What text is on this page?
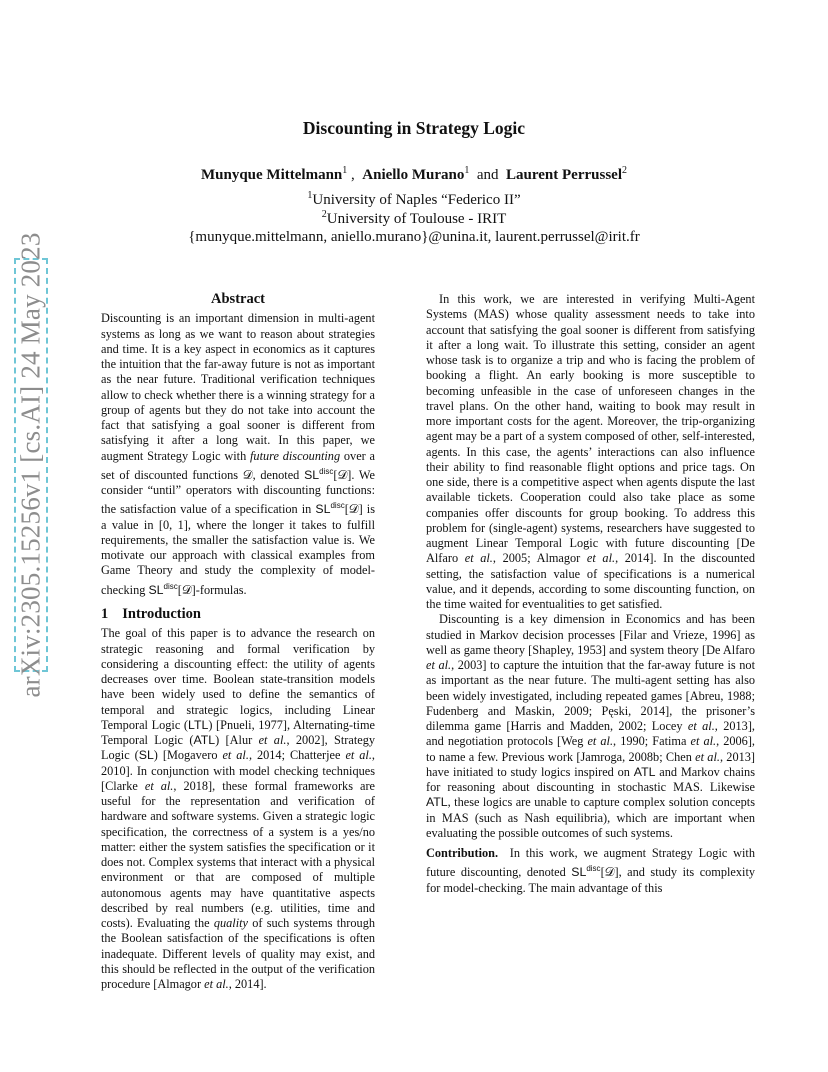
arXiv:2305.15256v1 [cs.AI] 24 May 2023
Discounting in Strategy Logic
Munyque Mittelmann$^1$ ,  Aniello Murano$^1$  and  Laurent Perrussel$^2$
$^1$University of Naples “Federico II”
$^2$University of Toulouse - IRIT
{munyque.mittelmann, aniello.murano}@unina.it, laurent.perrussel@irit.fr
Abstract

Discounting is an important dimension in multi-agent systems as long as we want to reason about strategies and time. It is a key aspect in economics as it captures the intuition that the far-away future is not as important as the near future. Traditional verification techniques allow to check whether there is a winning strategy for a group of agents but they do not take into account the fact that satisfying a goal sooner is different from satisfying it after a long wait. In this paper, we augment Strategy Logic with future discounting over a set of discounted functions 𝒟, denoted $SL^{disc}[𝒟]$. We consider “until” operators with discounting functions: the satisfaction value of a specification in $SL^{disc}[𝒟]$ is a value in [0, 1], where the longer it takes to fulfill requirements, the smaller the satisfaction value is. We motivate our approach with classical examples from Game Theory and study the complexity of model-checking $SL^{disc}[𝒟]$-formulas.

1 Introduction

The goal of this paper is to advance the research on strategic reasoning and formal verification by considering a discounting effect: the utility of agents decreases over time. Boolean state-transition models have been widely used to define the semantics of temporal and strategic logics, including Linear Temporal Logic (LTL) [Pnueli, 1977], Alternating-time Temporal Logic (ATL) [Alur et al., 2002], Strategy Logic (SL) [Mogavero et al., 2014; Chatterjee et al., 2010]. In conjunction with model checking techniques [Clarke et al., 2018], these formal frameworks are useful for the representation and verification of hardware and software systems. Given a strategic logic specification, the correctness of a system is a yes/no matter: either the system satisfies the specification or it does not. Complex systems that interact with a physical environment or that are composed of multiple autonomous agents may have quantitative aspects described by real numbers (e.g. utilities, time and costs). Evaluating the quality of such systems through the Boolean satisfaction of the specifications is often inadequate. Different levels of quality may exist, and this should be reflected in the output of the verification procedure [Almagor et al., 2014].

In this work, we are interested in verifying Multi-Agent Systems (MAS) whose quality assessment needs to take into account that satisfying the goal sooner is different from satisfying it after a long wait. To illustrate this setting, consider an agent whose task is to organize a trip and who is facing the problem of booking a flight. An early booking is more susceptible to becoming unfeasible in the case of unforeseen changes in the travel plans. On the other hand, waiting to book may result in more important costs for the agent. Moreover, the trip-organizing agent may be a part of a system composed of other, self-interested, agents. In this case, the agents’ interactions can also influence their ability to find reasonable flight options and price tags. On one side, there is a competitive aspect when agents dispute the last available tickets. Cooperation could also take place as some companies offer discounts for group booking. To address this problem for (single-agent) systems, researchers have suggested to augment Linear Temporal Logic with future discounting [De Alfaro et al., 2005; Almagor et al., 2014]. In the discounted setting, the satisfaction value of specifications is a numerical value, and it depends, according to some discounting function, on the time waited for eventualities to get satisfied.

Discounting is a key dimension in Economics and has been studied in Markov decision processes [Filar and Vrieze, 1996] as well as game theory [Shapley, 1953] and system theory [De Alfaro et al., 2003] to capture the intuition that the far-away future is not as important as the near future. The multi-agent setting has also been widely investigated, including repeated games [Abreu, 1988; Fudenberg and Maskin, 2009; Pęski, 2014], the prisoner’s dilemma game [Harris and Madden, 2002; Locey et al., 2013], and negotiation protocols [Weg et al., 1990; Fatima et al., 2006], to name a few. Previous work [Jamroga, 2008b; Chen et al., 2013] have initiated to study logics inspired on ATL and Markov chains for reasoning about discounting in stochastic MAS. Likewise ATL, these logics are unable to capture complex solution concepts in MAS (such as Nash equilibria), which are important when evaluating the possible outcomes of such systems.

Contribution.  In this work, we augment Strategy Logic with future discounting, denoted $SL^{disc}[𝒟]$, and study its complexity for model-checking. The main advantage of this
